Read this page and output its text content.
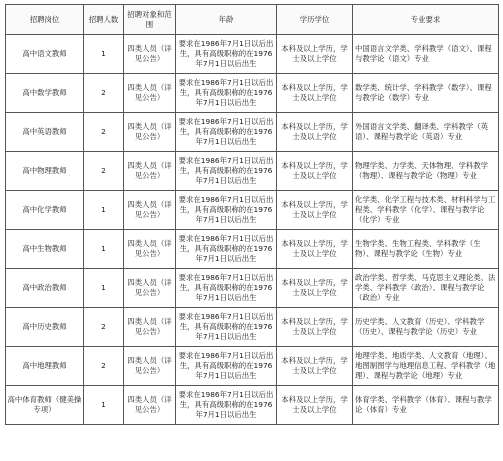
招聘岗位	招聘人数	招聘对象和范围	年龄	学历学位	专业要求
高中语文教师	1	四类人员（详见公告）	要求在1986年7月1日以后出生，具有高级职称的在1976年7月1日以后出生	本科及以上学历，学士及以上学位	中国语言文学类、学科教学（语文）、课程与教学论（语文）专业
高中数学教师	2	四类人员（详见公告）	要求在1986年7月1日以后出生，具有高级职称的在1976年7月1日以后出生	本科及以上学历，学士及以上学位	数学类、统计学、学科教学（数学）、课程与教学论（数学）专业
高中英语教师	2	四类人员（详见公告）	要求在1986年7月1日以后出生，具有高级职称的在1976年7月1日以后出生	本科及以上学历，学士及以上学位	外国语言文学类、翻译类、学科教学（英语）、课程与教学论（英语）专业
高中物理教师	2	四类人员（详见公告）	要求在1986年7月1日以后出生，具有高级职称的在1976年7月1日以后出生	本科及以上学历，学士及以上学位	物理学类、力学类、天体物理、学科教学（物理）、课程与教学论（物理）专业
高中化学教师	1	四类人员（详见公告）	要求在1986年7月1日以后出生，具有高级职称的在1976年7月1日以后出生	本科及以上学历，学士及以上学位	化学类、化学工程与技术类、材料科学与工程类、学科教学（化学）、课程与教学论（化学）专业
高中生物教师	1	四类人员（详见公告）	要求在1986年7月1日以后出生，具有高级职称的在1976年7月1日以后出生	本科及以上学历，学士及以上学位	生物学类、生物工程类、学科教学（生物）、课程与教学论（生物）专业
高中政治教师	1	四类人员（详见公告）	要求在1986年7月1日以后出生，具有高级职称的在1976年7月1日以后出生	本科及以上学历，学士及以上学位	政治学类、哲学类、马克思主义理论类、法学类、学科教学（政治）、课程与教学论（政治）专业
高中历史教师	2	四类人员（详见公告）	要求在1986年7月1日以后出生，具有高级职称的在1976年7月1日以后出生	本科及以上学历，学士及以上学位	历史学类、人文教育（历史）、学科教学（历史）、课程与教学论（历史）专业
高中地理教师	2	四类人员（详见公告）	要求在1986年7月1日以后出生，具有高级职称的在1976年7月1日以后出生	本科及以上学历，学士及以上学位	地理学类、地质学类、人文教育（地理）、地图制图学与地理信息工程、学科教学（地理）、课程与教学论（地理）专业
高中体育教师（健美操专项）	1	四类人员（详见公告）	要求在1986年7月1日以后出生，具有高级职称的在1976年7月1日以后出生	本科及以上学历，学士及以上学位	体育学类、学科教学（体育）、课程与教学论（体育）专业
